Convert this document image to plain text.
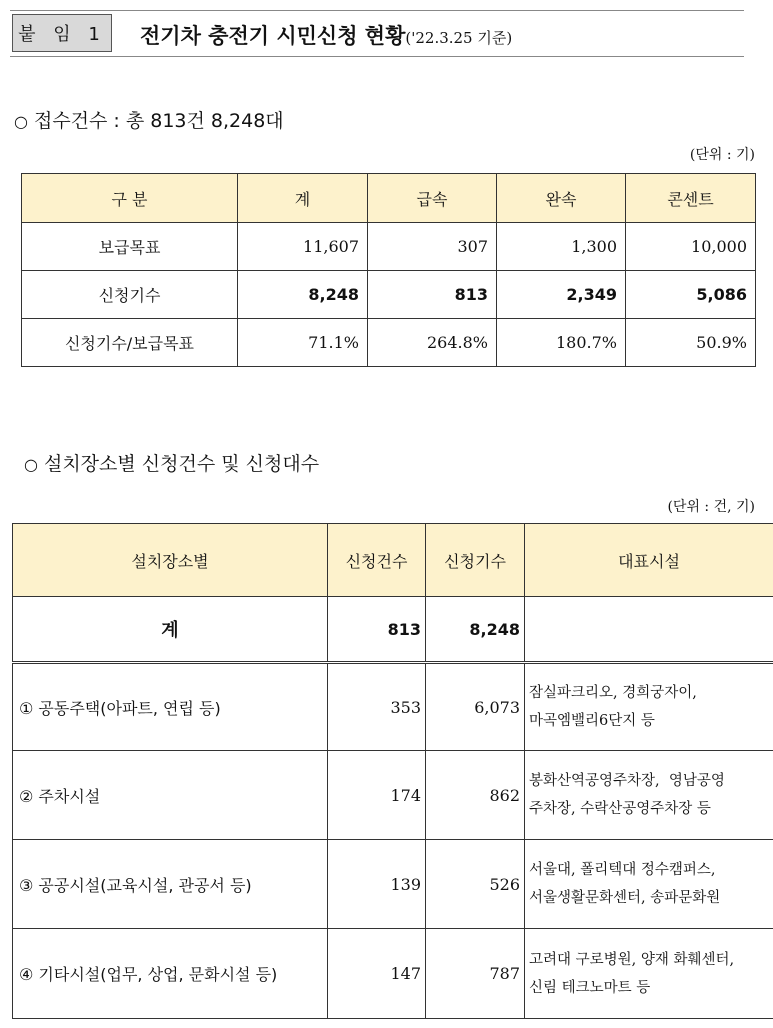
붙 임 1 전기차 충전기 시민신청 현황('22.3.25 기준)
○ 접수건수 : 총 813건 8,248대
(단위 : 기)
구 분	계	급속	완속	콘센트
보급목표	11,607	307	1,300	10,000
신청기수	8,248	813	2,349	5,086
신청기수/보급목표	71.1%	264.8%	180.7%	50.9%
○ 설치장소별 신청건수 및 신청대수
(단위 : 건, 기)
설치장소별	신청건수	신청기수	대표시설
계	813	8,248	
① 공동주택(아파트, 연립 등)	353	6,073	잠실파크리오, 경희궁자이,
마곡엠밸리6단지 등

② 주차시설	174	862	봉화산역공영주차장,  영남공영
주차장, 수락산공영주차장 등

③ 공공시설(교육시설, 관공서 등)	139	526	서울대, 폴리텍대 정수캠퍼스,
서울생활문화센터, 송파문화원

④ 기타시설(업무, 상업, 문화시설 등)	147	787	고려대 구로병원, 양재 화훼센터,
신림 테크노마트 등
